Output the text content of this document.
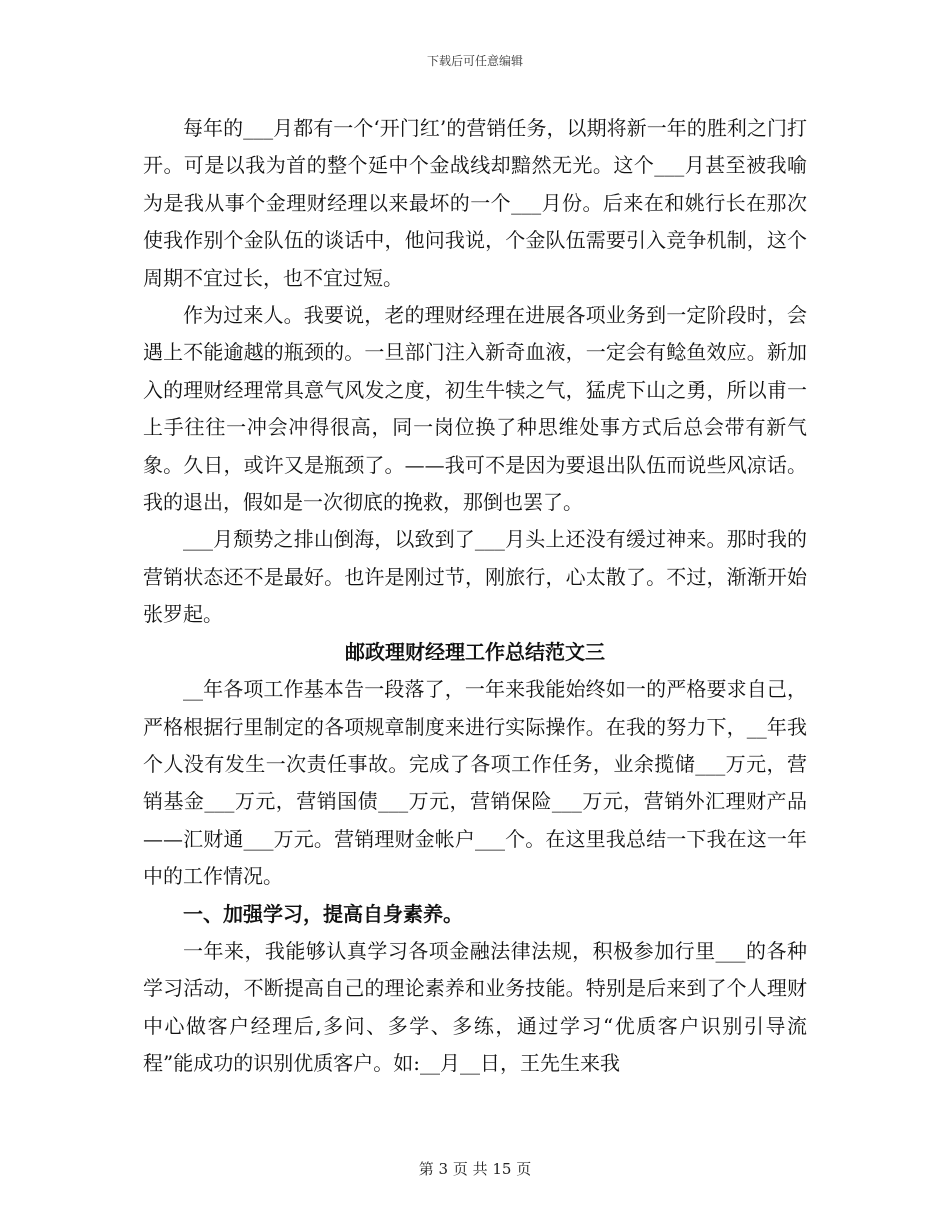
下载后可任意编辑

每年的___月都有一个‘开门红’的营销任务，以期将新一年的胜利之门打开。可是以我为首的整个延中个金战线却黯然无光。这个___月甚至被我喻为是我从事个金理财经理以来最坏的一个___月份。后来在和姚行长在那次使我作别个金队伍的谈话中，他问我说，个金队伍需要引入竞争机制，这个周期不宜过长，也不宜过短。

作为过来人。我要说，老的理财经理在进展各项业务到一定阶段时，会遇上不能逾越的瓶颈的。一旦部门注入新奇血液，一定会有鲶鱼效应。新加入的理财经理常具意气风发之度，初生牛犊之气，猛虎下山之勇，所以甫一上手往往一冲会冲得很高，同一岗位换了种思维处事方式后总会带有新气象。久日，或许又是瓶颈了。——我可不是因为要退出队伍而说些风凉话。我的退出，假如是一次彻底的挽救，那倒也罢了。

___月颓势之排山倒海，以致到了___月头上还没有缓过神来。那时我的营销状态还不是最好。也许是刚过节，刚旅行，心太散了。不过，渐渐开始张罗起。

邮政理财经理工作总结范文三

__年各项工作基本告一段落了，一年来我能始终如一的严格要求自己，严格根据行里制定的各项规章制度来进行实际操作。在我的努力下，__年我个人没有发生一次责任事故。完成了各项工作任务，业余揽储___万元，营销基金___万元，营销国债___万元，营销保险___万元，营销外汇理财产品——汇财通___万元。营销理财金帐户___个。在这里我总结一下我在这一年中的工作情况。

一、加强学习，提高自身素养。

一年来，我能够认真学习各项金融法律法规，积极参加行里___的各种学习活动，不断提高自己的理论素养和业务技能。特别是后来到了个人理财中心做客户经理后,多问、多学、多练，通过学习“优质客户识别引导流程”能成功的识别优质客户。如:__月__日，王先生来我

第 3 页 共 15 页
